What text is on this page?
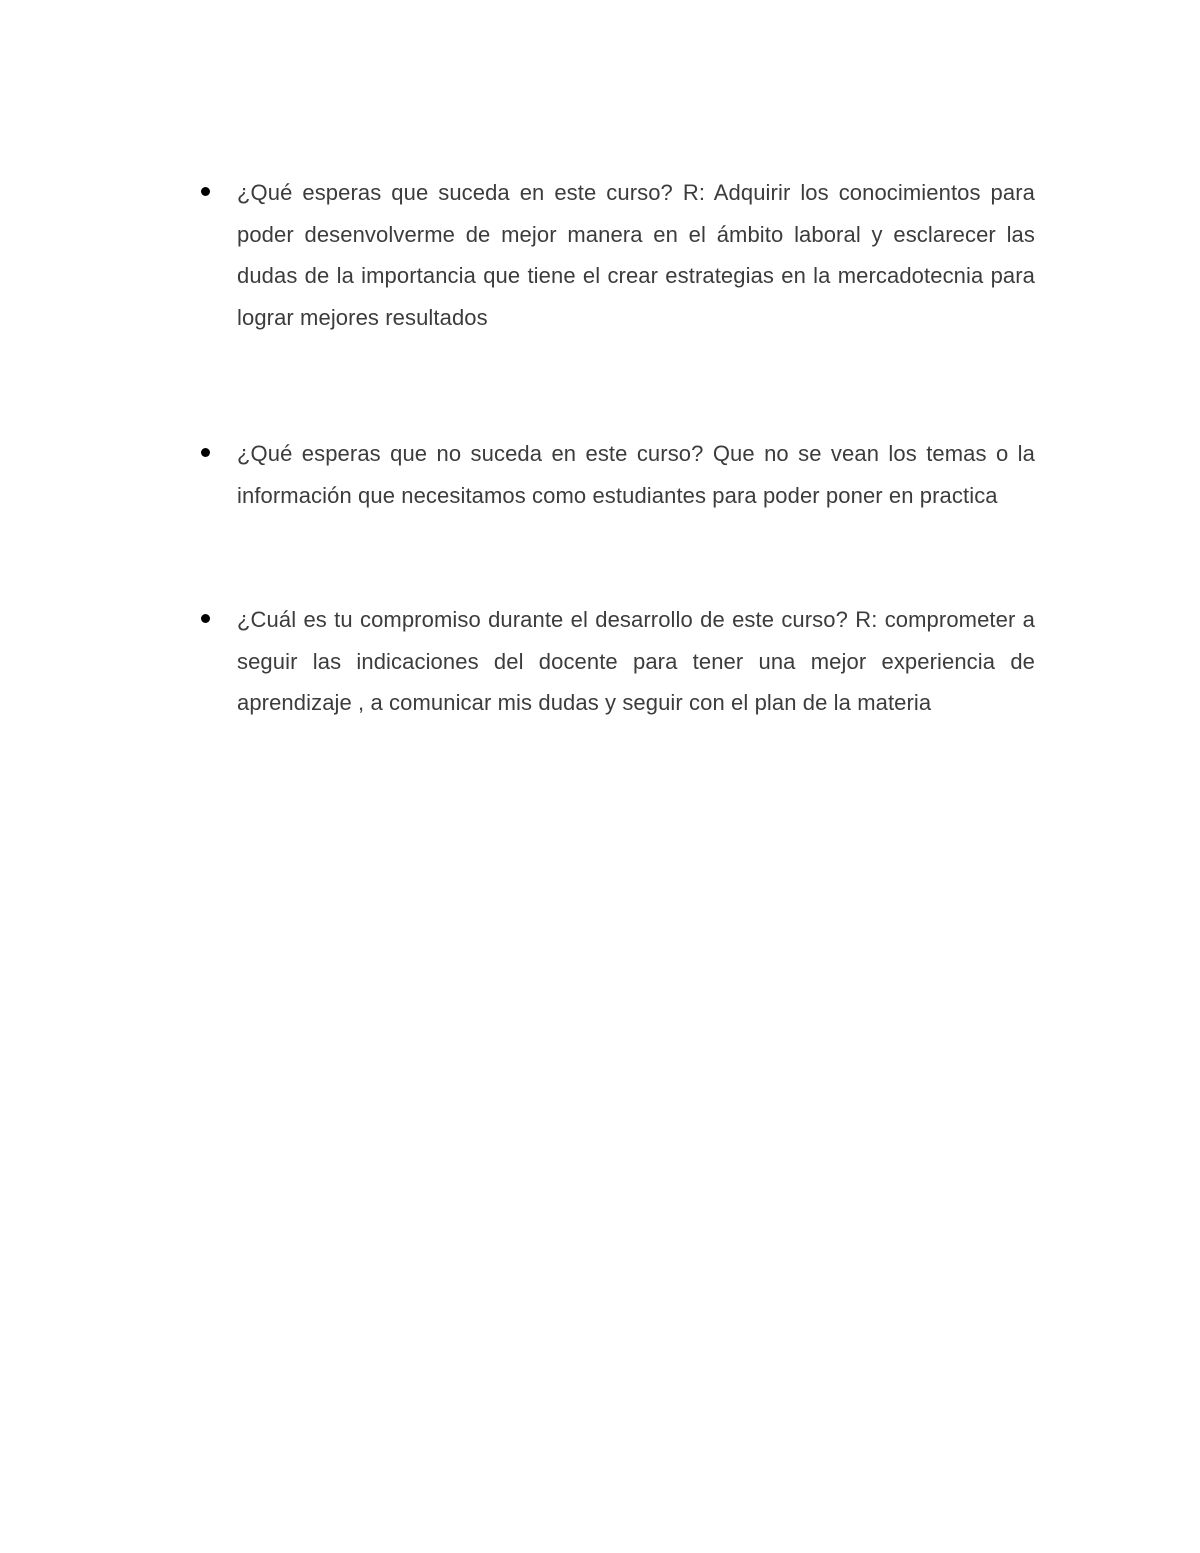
¿Qué esperas que suceda en este curso? R: Adquirir los conocimientos para poder desenvolverme de mejor manera en el ámbito laboral y esclarecer las dudas de la importancia que tiene el crear estrategias en la mercadotecnia para lograr mejores resultados
¿Qué esperas que no suceda en este curso? Que no se vean los temas o la información que necesitamos como estudiantes para poder poner en practica
¿Cuál es tu compromiso durante el desarrollo de este curso? R: comprometer a seguir las indicaciones del docente para tener una mejor experiencia de aprendizaje , a comunicar mis dudas y seguir con el plan de la materia
